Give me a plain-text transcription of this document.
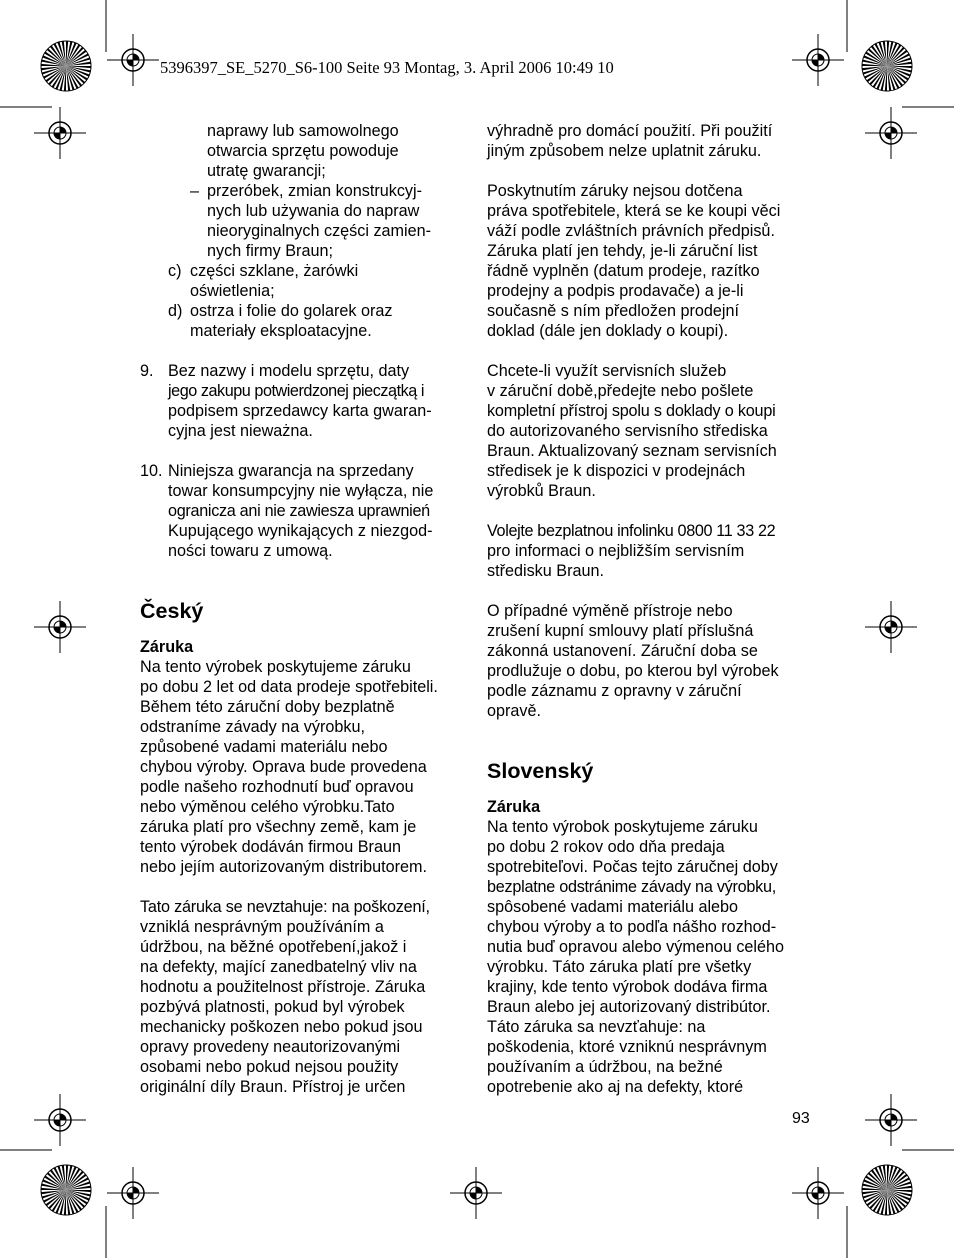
5396397_SE_5270_S6-100 Seite 93 Montag, 3. April 2006 10:49 10

naprawy lub samowolnego

otwarcia sprzętu powoduje

utratę gwarancji;

– przeróbek, zmian konstrukcyj-

nych lub używania do napraw

nieoryginalnych części zamien-

nych firmy Braun;

c) części szklane, żarówki

oświetlenia;

d) ostrza i folie do golarek oraz

materiały eksploatacyjne.

9. Bez nazwy i modelu sprzętu, daty

jego zakupu potwierdzonej pieczątką i

podpisem sprzedawcy karta gwaran-

cyjna jest nieważna.

10. Niniejsza gwarancja na sprzedany

towar konsumpcyjny nie wyłącza, nie

ogranicza ani nie zawiesza uprawnień

Kupującego wynikających z niezgod-

ności towaru z umową.

Český

Záruka

Na tento výrobek poskytujeme záruku

po dobu 2 let od data prodeje spotřebiteli.

Během této záruční doby bezplatně

odstraníme závady na výrobku,

způsobené vadami materiálu nebo

chybou výroby. Oprava bude provedena

podle našeho rozhodnutí buď opravou

nebo výměnou celého výrobku.Tato

záruka platí pro všechny země, kam je

tento výrobek dodáván firmou Braun

nebo jejím autorizovaným distributorem.

Tato záruka se nevztahuje: na poškození,

vzniklá nesprávným používáním a

údržbou, na běžné opotřebení,jakož i

na defekty, mající zanedbatelný vliv na

hodnotu a použitelnost přístroje. Záruka

pozbývá platnosti, pokud byl výrobek

mechanicky poškozen nebo pokud jsou

opravy provedeny neautorizovanými

osobami nebo pokud nejsou použity

originální díly Braun. Přístroj je určen

výhradně pro domácí použití. Při použití

jiným způsobem nelze uplatnit záruku.

Poskytnutím záruky nejsou dotčena

práva spotřebitele, která se ke koupi věci

váží podle zvláštních právních předpisů.

Záruka platí jen tehdy, je-li záruční list

řádně vyplněn (datum prodeje, razítko

prodejny a podpis prodavače) a je-li

současně s ním předložen prodejní

doklad (dále jen doklady o koupi).

Chcete-li využít servisních služeb

v záruční době,předejte nebo pošlete

kompletní přístroj spolu s doklady o koupi

do autorizovaného servisního střediska

Braun. Aktualizovaný seznam servisních

středisek je k dispozici v prodejnách

výrobků Braun.

Volejte bezplatnou infolinku 0800 11 33 22

pro informaci o nejbližším servisním

středisku Braun.

O případné výměně přístroje nebo

zrušení kupní smlouvy platí příslušná

zákonná ustanovení. Záruční doba se

prodlužuje o dobu, po kterou byl výrobek

podle záznamu z opravny v záruční

opravě.

Slovenský

Záruka

Na tento výrobok poskytujeme záruku

po dobu 2 rokov odo dňa predaja

spotrebiteľovi. Počas tejto záručnej doby

bezplatne odstránime závady na výrobku,

spôsobené vadami materiálu alebo

chybou výroby a to podľa nášho rozhod-

nutia buď opravou alebo výmenou celého

výrobku. Táto záruka platí pre všetky

krajiny, kde tento výrobok dodáva firma

Braun alebo jej autorizovaný distribútor.

Táto záruka sa nevzťahuje: na

poškodenia, ktoré vzniknú nesprávnym

používaním a údržbou, na bežné

opotrebenie ako aj na defekty, ktoré

93
